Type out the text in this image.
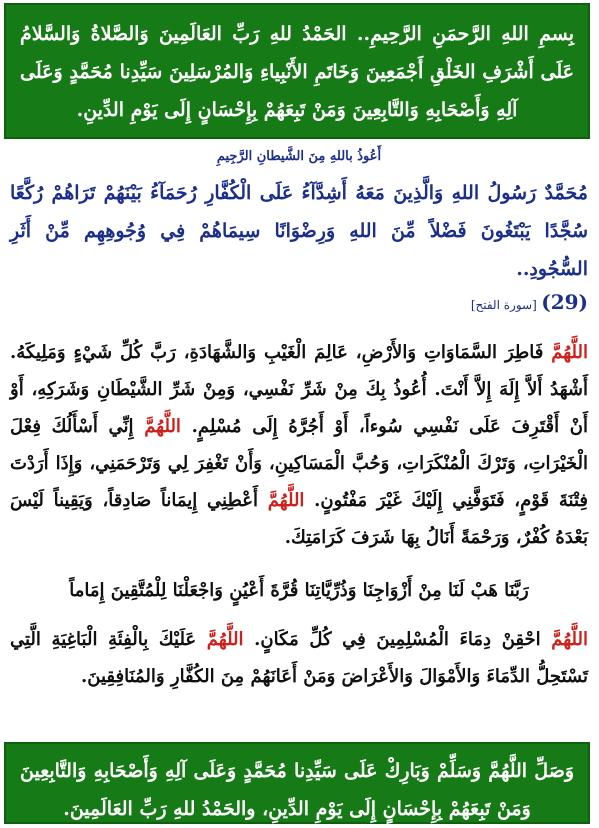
بِسمِ اللهِ الرَّحمَنِ الرَّحِيمِ.. الحَمْدُ للهِ رَبِّ العَالَمِينَ وَالصَّلاةُ وَالسَّلامُ عَلَى أَشْرَفِ الخَلْقِ أَجْمَعِينَ وَخَاتَمِ الأَنْبِياءِ وَالمُرْسَلِينَ سَيِّدِنا مُحَمَّدٍ وَعَلَى آلِهِ وَأَصْحَابِهِ وَالتَّابِعِينَ وَمَنْ تَبِعَهُمْ بِإِحْسَانٍ إِلَى يَوْمِ الدِّينِ.

أَعُوذُ باللهِ مِنَ الشَّيطانِ الرَّجِيمِ

مُحَمَّدٌ رَسُولُ اللهِ وَالَّذِينَ مَعَهُ أَشِدَّآءُ عَلَى الْكُفَّارِ رُحَمَآءُ بَيْنَهُمْ تَرَاهُمْ رُكَّعًا سُجَّدًا يَبْتَغُونَ فَضْلاً مِّنَ اللهِ وَرِضْوَانًا سِيمَاهُمْ فِي وُجُوهِهِم مِّنْ أَثَرِ السُّجُودِ..

(29) [سورة الفتح]

اللَّهُمَّ فَاطِرَ السَّمَاوَاتِ وَالأَرْضِ، عَالِمَ الْغَيْبِ وَالشَّهَادَةِ، رَبَّ كُلِّ شَيْءٍ وَمَلِيكَهُ. أَشْهَدُ أَلاَّ إِلَهَ إِلاَّ أَنْتَ. أُعُوذُ بِكَ مِنْ شَرِّ نَفْسِي، وَمِنْ شَرِّ الشَّيْطَانِ وَشَرَكِهِ، أَوْ أَنْ أَقْتَرِفَ عَلَى نَفْسِي سُوءاً، أَوْ أَجُرَّهُ إِلَى مُسْلِمٍ. اللَّهُمَّ إِنِّي أَسْأَلُكَ فِعْلَ الْخَيْرَاتِ، وَتَرْكَ الْمُنْكَرَاتِ، وَحُبَّ الْمَسَاكِينِ، وَأَنْ تَغْفِرَ لِي وَتَرْحَمَنِي، وَإِذَا أَرَدْتَ فِتْنَةَ قَوْمٍ، فَتَوَفَّنِي إِلَيْكَ غَيْرَ مَفْتُونٍ. اللَّهُمَّ أَعْطِنِي إِيمَاناً صَادِقاً، وَيَقِيناً لَيْسَ بَعْدَهُ كُفْرٌ، وَرَحْمَةً أَنَالُ بِهَا شَرَفَ كَرَامَتِكَ.

رَبَّنَا هَبْ لَنَا مِنْ أَزْوَاجِنَا وَذُرِّيَّاتِنَا قُرَّةَ أَعْيُنٍ وَاجْعَلْنَا لِلْمُتَّقِينَ إِمَاماً

اللَّهُمَّ احْقِنْ دِمَاءَ الْمُسْلِمِينَ فِي كُلِّ مَكَانٍ. اللَّهُمَّ عَلَيْكَ بِالْفِئَةِ الْبَاغِيَةِ الَّتِي تَسْتَحِلُّ الدِّمَاءَ وَالأَمْوَالَ وَالأَعْرَاضَ وَمَنْ أَعَانَهُمْ مِنَ الكُفَّارِ وَالمُنَافِقِينَ.

وَصَلِّ اللَّهُمَّ وَسَلِّمْ وَبَارِكْ عَلَى سَيِّدِنا مُحَمَّدٍ وَعَلَى آلِهِ وَأَصْحَابِهِ وَالتَّابِعِينَ وَمَنْ تَبِعَهُمْ بِإِحْسَانٍ إِلَى يَوْمِ الدِّينِ، والحَمْدُ للهِ رَبِّ العَالَمِينَ.
